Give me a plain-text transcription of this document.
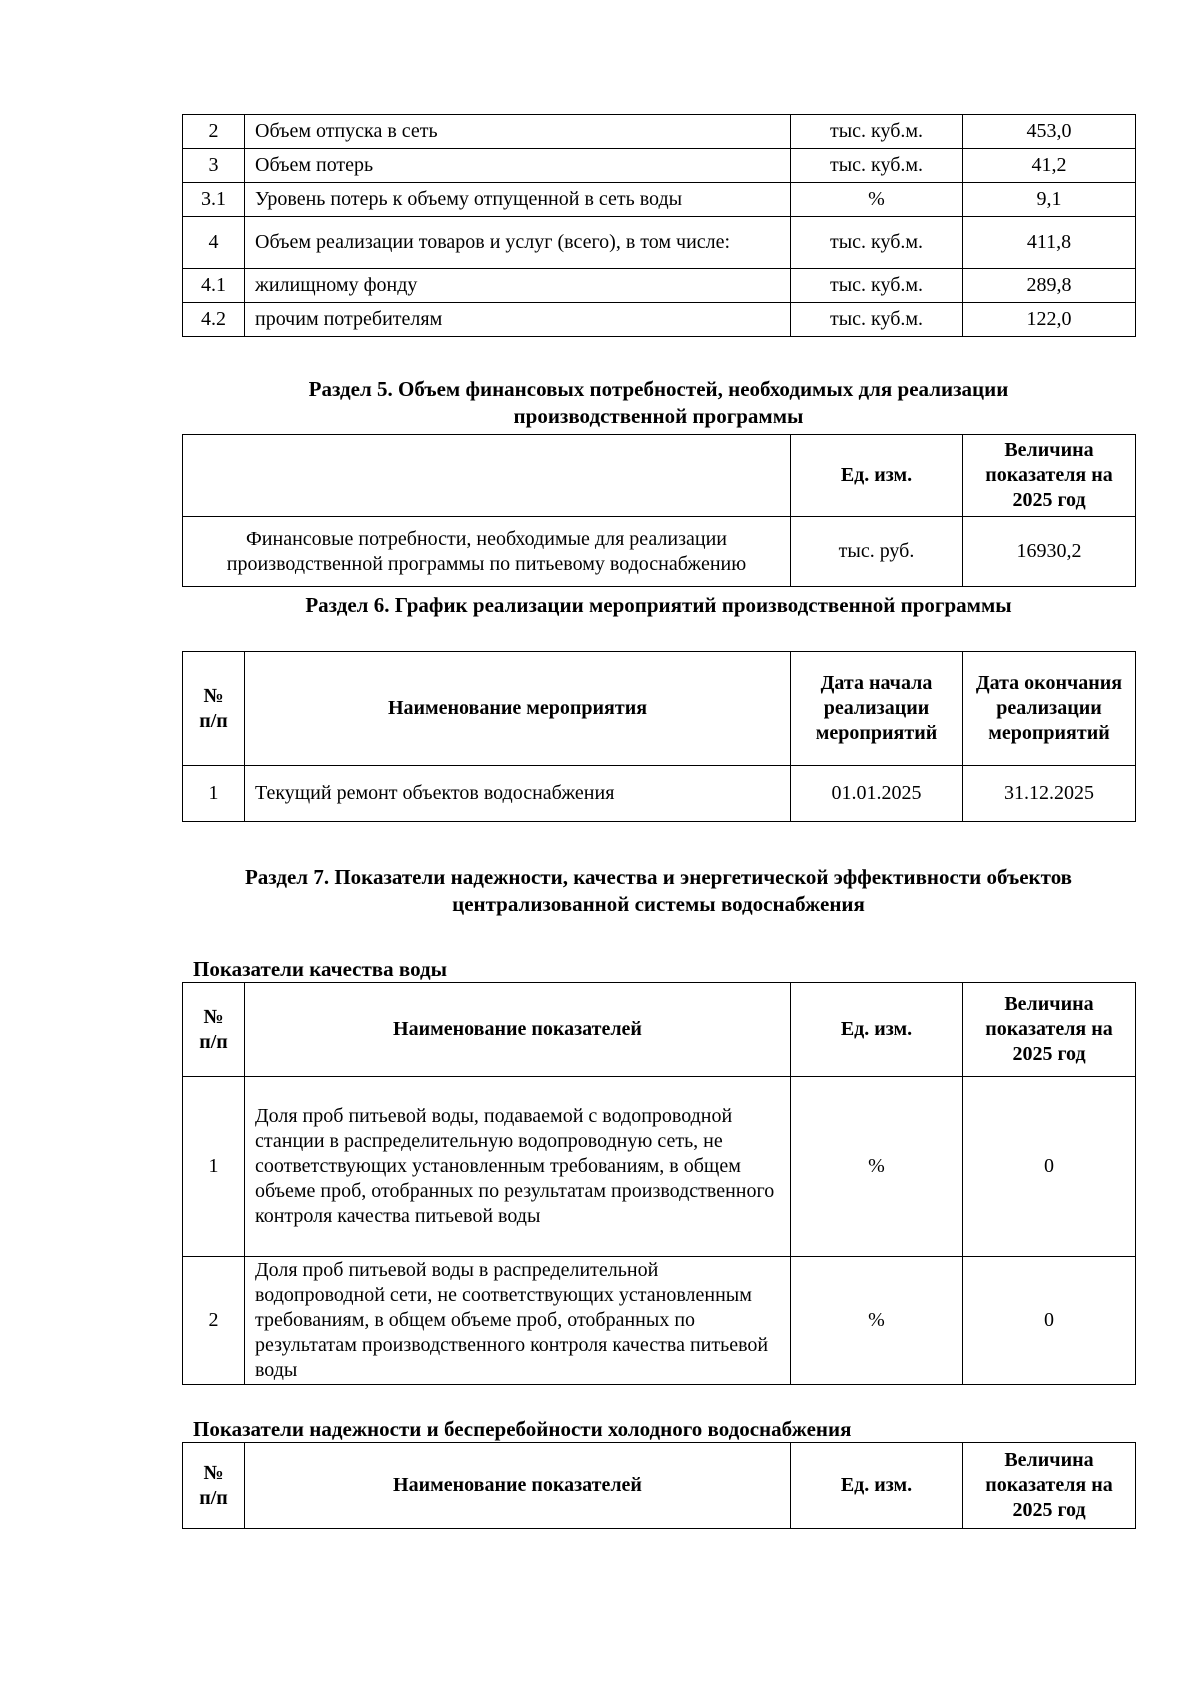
2	Объем отпуска в сеть	тыс. куб.м.	453,0
3	Объем потерь	тыс. куб.м.	41,2
3.1	Уровень потерь к объему отпущенной в сеть воды	%	9,1
4	Объем реализации товаров и услуг (всего), в том числе:	тыс. куб.м.	411,8
4.1	жилищному фонду	тыс. куб.м.	289,8
4.2	прочим потребителям	тыс. куб.м.	122,0
Раздел 5. Объем финансовых потребностей, необходимых для реализации производственной программы
	Ед. изм.	Величина показателя на 2025 год
Финансовые потребности, необходимые для реализации производственной программы по питьевому водоснабжению	тыс. руб.	16930,2
Раздел 6. График реализации мероприятий производственной программы
№ п/п	Наименование мероприятия	Дата начала реализации мероприятий	Дата окончания реализации мероприятий
1	Текущий ремонт объектов водоснабжения	01.01.2025	31.12.2025
Раздел 7. Показатели надежности, качества и энергетической эффективности объектов централизованной системы водоснабжения
Показатели качества воды
№ п/п	Наименование показателей	Ед. изм.	Величина показателя на 2025 год
1	Доля проб питьевой воды, подаваемой с водопроводной станции в распределительную водопроводную сеть, не соответствующих установленным требованиям, в общем объеме проб, отобранных по результатам производственного контроля качества питьевой воды	%	0
2	Доля проб питьевой воды в распределительной водопроводной сети, не соответствующих установленным требованиям, в общем объеме проб, отобранных по результатам производственного контроля качества питьевой воды	%	0
Показатели надежности и бесперебойности холодного водоснабжения
№ п/п	Наименование показателей	Ед. изм.	Величина показателя на 2025 год
